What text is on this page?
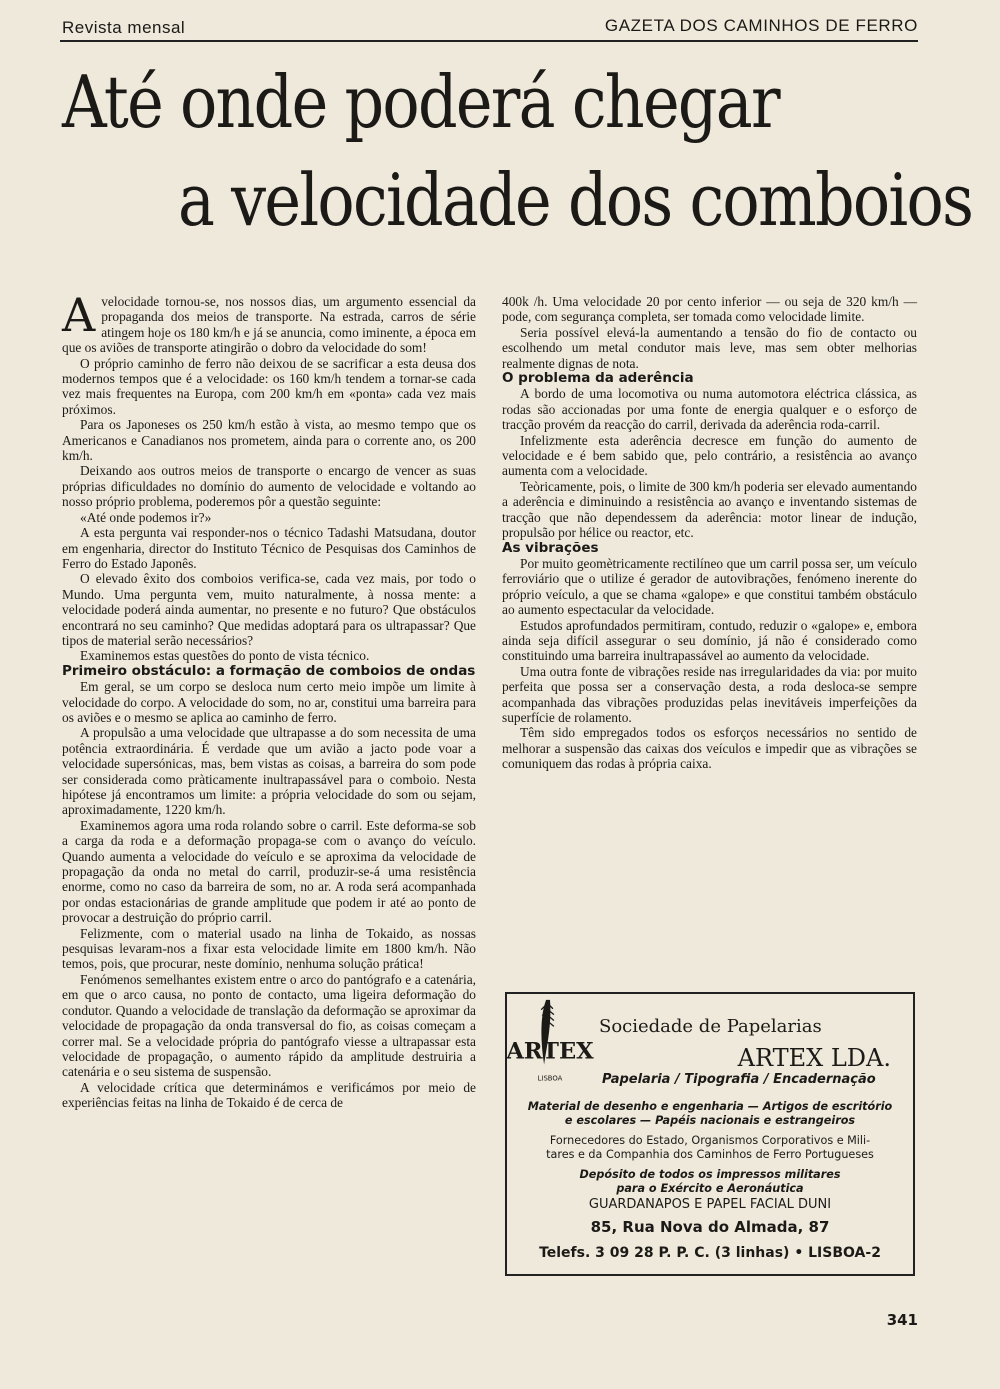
Revista mensal	GAZETA DOS CAMINHOS DE FERRO
Até onde poderá chegar
a velocidade dos comboios

Avelocidade tornou-se, nos nossos dias, um argumento essencial da propaganda dos meios de transporte. Na estrada, carros de série atingem hoje os 180 km/h e já se anuncia, como iminente, a época em que os aviões de transporte atingirão o dobro da velocidade do som!

O próprio caminho de ferro não deixou de se sacrificar a esta deusa dos modernos tempos que é a velocidade: os 160 km/h tendem a tornar-se cada vez mais frequentes na Europa, com 200 km/h em «ponta» cada vez mais próximos.

Para os Japoneses os 250 km/h estão à vista, ao mesmo tempo que os Americanos e Canadianos nos prometem, ainda para o corrente ano, os 200 km/h.

Deixando aos outros meios de transporte o encargo de vencer as suas próprias dificuldades no domínio do aumento de velocidade e voltando ao nosso próprio problema, poderemos pôr a questão seguinte:

«Até onde podemos ir?»

A esta pergunta vai responder-nos o técnico Tadashi Matsudana, doutor em engenharia, director do Instituto Técnico de Pesquisas dos Caminhos de Ferro do Estado Japonês.

O elevado êxito dos comboios verifica-se, cada vez mais, por todo o Mundo. Uma pergunta vem, muito naturalmente, à nossa mente: a velocidade poderá ainda aumentar, no presente e no futuro? Que obstáculos encontrará no seu caminho? Que medidas adoptará para os ultrapassar? Que tipos de material serão necessários?

Examinemos estas questões do ponto de vista técnico.

Primeiro obstáculo: a formação de comboios de ondas

Em geral, se um corpo se desloca num certo meio impõe um limite à velocidade do corpo. A velocidade do som, no ar, constitui uma barreira para os aviões e o mesmo se aplica ao caminho de ferro.

A propulsão a uma velocidade que ultrapasse a do som necessita de uma potência extraordinária. É verdade que um avião a jacto pode voar a velocidade supersónicas, mas, bem vistas as coisas, a barreira do som pode ser considerada como pràticamente inultrapassável para o comboio. Nesta hipótese já encontramos um limite: a própria velocidade do som ou sejam, aproximadamente, 1220 km/h.

Examinemos agora uma roda rolando sobre o carril. Este deforma-se sob a carga da roda e a deformação propaga-se com o avanço do veículo. Quando aumenta a velocidade do veículo e se aproxima da velocidade de propagação da onda no metal do carril, produzir-se-á uma resistência enorme, como no caso da barreira de som, no ar. A roda será acompanhada por ondas estacionárias de grande amplitude que podem ir até ao ponto de provocar a destruição do próprio carril.

Felizmente, com o material usado na linha de Tokaido, as nossas pesquisas levaram-nos a fixar esta velocidade limite em 1800 km/h. Não temos, pois, que procurar, neste domínio, nenhuma solução prática!

Fenómenos semelhantes existem entre o arco do pantógrafo e a catenária, em que o arco causa, no ponto de contacto, uma ligeira deformação do condutor. Quando a velocidade de translação da deformação se aproximar da velocidade de propagação da onda transversal do fio, as coisas começam a correr mal. Se a velocidade própria do pantógrafo viesse a ultrapassar esta velocidade de propagação, o aumento rápido da amplitude destruiria a catenária e o seu sistema de suspensão.

A velocidade crítica que determinámos e verificámos por meio de experiências feitas na linha de Tokaido é de cerca de

400k /h. Uma velocidade 20 por cento inferior — ou seja de 320 km/h — pode, com segurança completa, ser tomada como velocidade limite.

Seria possível elevá-la aumentando a tensão do fio de contacto ou escolhendo um metal condutor mais leve, mas sem obter melhorias realmente dignas de nota.

O problema da aderência

A bordo de uma locomotiva ou numa automotora eléctrica clássica, as rodas são accionadas por uma fonte de energia qualquer e o esforço de tracção provém da reacção do carril, derivada da aderência roda-carril.

Infelizmente esta aderência decresce em função do aumento de velocidade e é bem sabido que, pelo contrário, a resistência ao avanço aumenta com a velocidade.

Teòricamente, pois, o limite de 300 km/h poderia ser elevado aumentando a aderência e diminuindo a resistência ao avanço e inventando sistemas de tracção que não dependessem da aderência: motor linear de indução, propulsão por hélice ou reactor, etc.

As vibrações

Por muito geomètricamente rectilíneo que um carril possa ser, um veículo ferroviário que o utilize é gerador de autovibrações, fenómeno inerente do próprio veículo, a que se chama «galope» e que constitui também obstáculo ao aumento espectacular da velocidade.

Estudos aprofundados permitiram, contudo, reduzir o «galope» e, embora ainda seja difícil assegurar o seu domínio, já não é considerado como constituindo uma barreira inultrapassável ao aumento da velocidade.

Uma outra fonte de vibrações reside nas irregularidades da via: por muito perfeita que possa ser a conservação desta, a roda desloca-se sempre acompanhada das vibrações produzidas pelas inevitáveis imperfeições da superfície de rolamento.

Têm sido empregados todos os esforços necessários no sentido de melhorar a suspensão das caixas dos veículos e impedir que as vibrações se comuniquem das rodas à própria caixa.

ARTEX
LISBOA
Sociedade de Papelarias
ARTEX LDA.
Papelaria / Tipografia / Encadernação
Material de desenho e engenharia — Artigos de escritório
e escolares — Papéis nacionais e estrangeiros
Fornecedores do Estado, Organismos Corporativos e Mili-
tares e da Companhia dos Caminhos de Ferro Portugueses
Depósito de todos os impressos militares
para o Exército e Aeronáutica
GUARDANAPOS E PAPEL FACIAL DUNI
85, Rua Nova do Almada, 87
Telefs. 3 09 28 P. P. C. (3 linhas) • LISBOA-2
341
